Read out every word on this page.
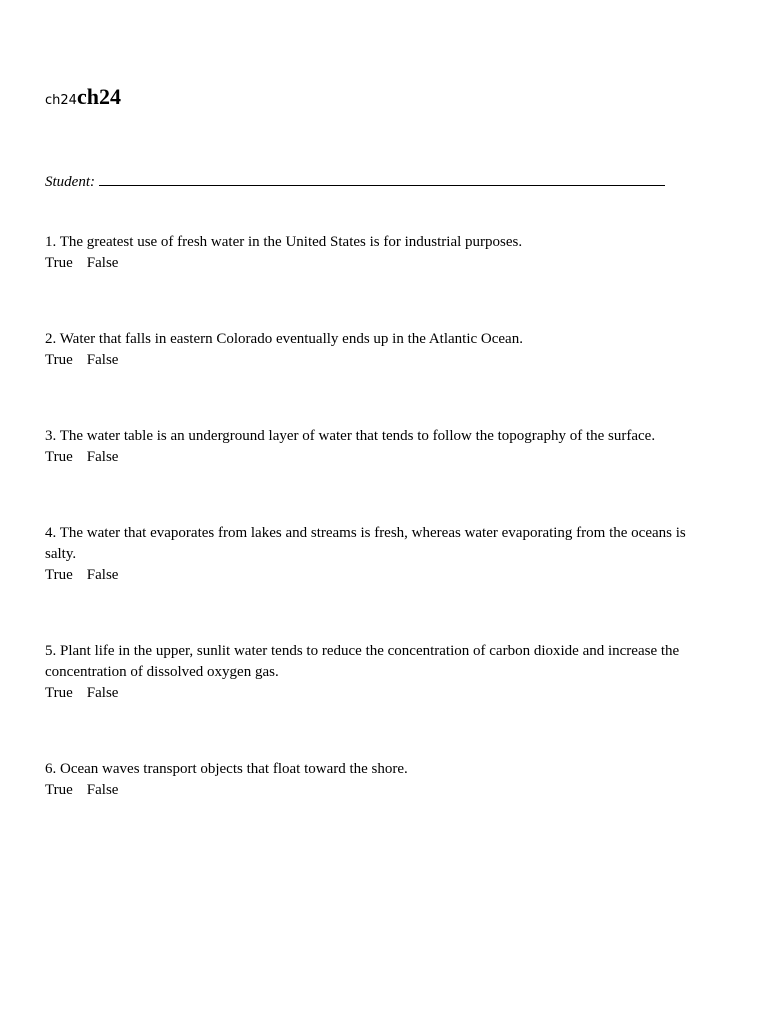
ch24ch24
Student:
1. The greatest use of fresh water in the United States is for industrial purposes.
True False
2. Water that falls in eastern Colorado eventually ends up in the Atlantic Ocean.
True False
3. The water table is an underground layer of water that tends to follow the topography of the surface.
True False
4. The water that evaporates from lakes and streams is fresh, whereas water evaporating from the oceans is salty.
True False
5. Plant life in the upper, sunlit water tends to reduce the concentration of carbon dioxide and increase the concentration of dissolved oxygen gas.
True False
6. Ocean waves transport objects that float toward the shore.
True False
